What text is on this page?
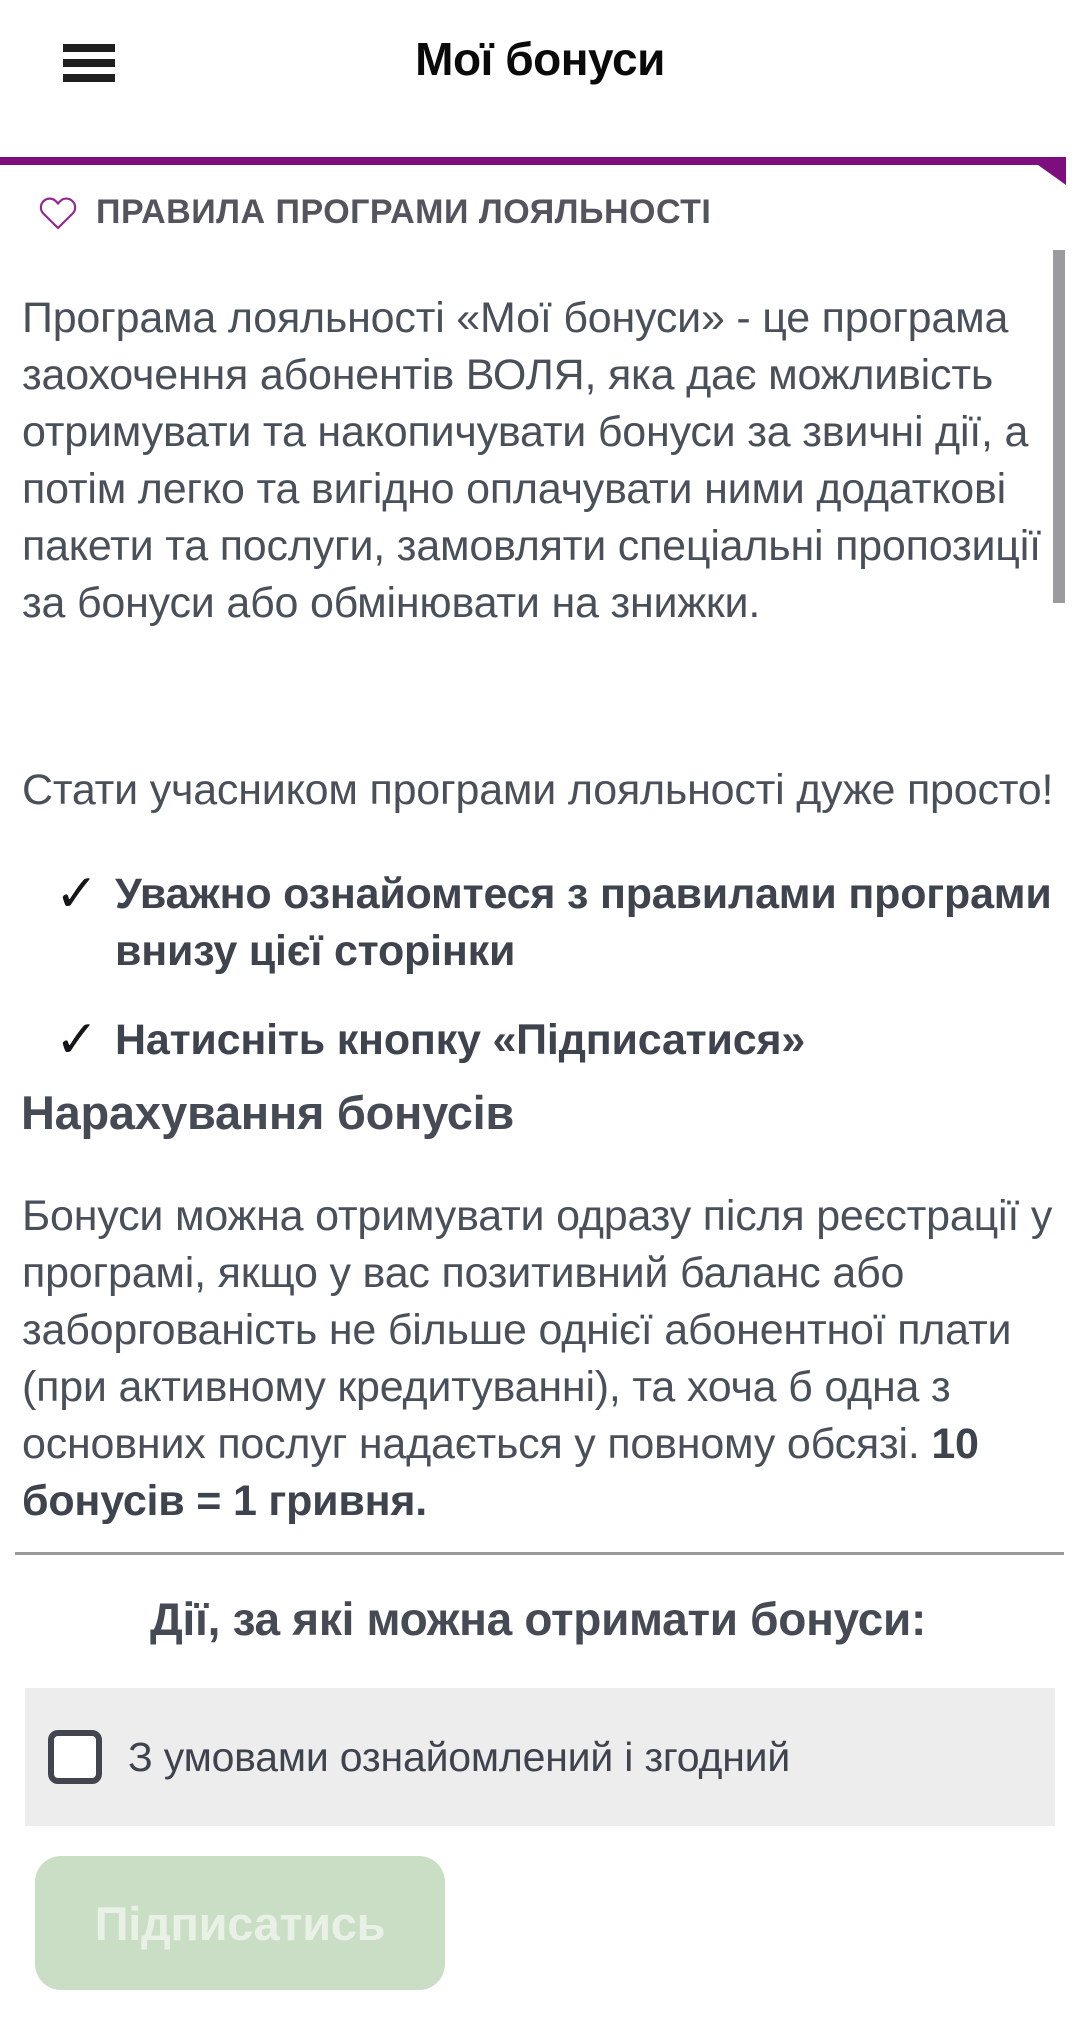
Мої бонуси
ПРАВИЛА ПРОГРАМИ ЛОЯЛЬНОСТІ

Програма лояльності «Мої бонуси» - це програма заохочення абонентів ВОЛЯ, яка дає можливість отримувати та накопичувати бонуси за звичні дії, а потім легко та вигідно оплачувати ними додаткові пакети та послуги, замовляти спеціальні пропозиції за бонуси або обмінювати на знижки.

Стати учасником програми лояльності дуже просто!

✓ Уважно ознайомтеся з правилами програми внизу цієї сторінки
✓ Натисніть кнопку «Підписатися»
Нарахування бонусів

Бонуси можна отримувати одразу після реєстрації у програмі, якщо у вас позитивний баланс або заборгованість не більше однієї абонентної плати (при активному кредитуванні), та хоча б одна з основних послуг надається у повному обсязі. 10 бонусів = 1 гривня.

Дії, за які можна отримати бонуси:
З умовами ознайомлений і згодний
Підписатись
